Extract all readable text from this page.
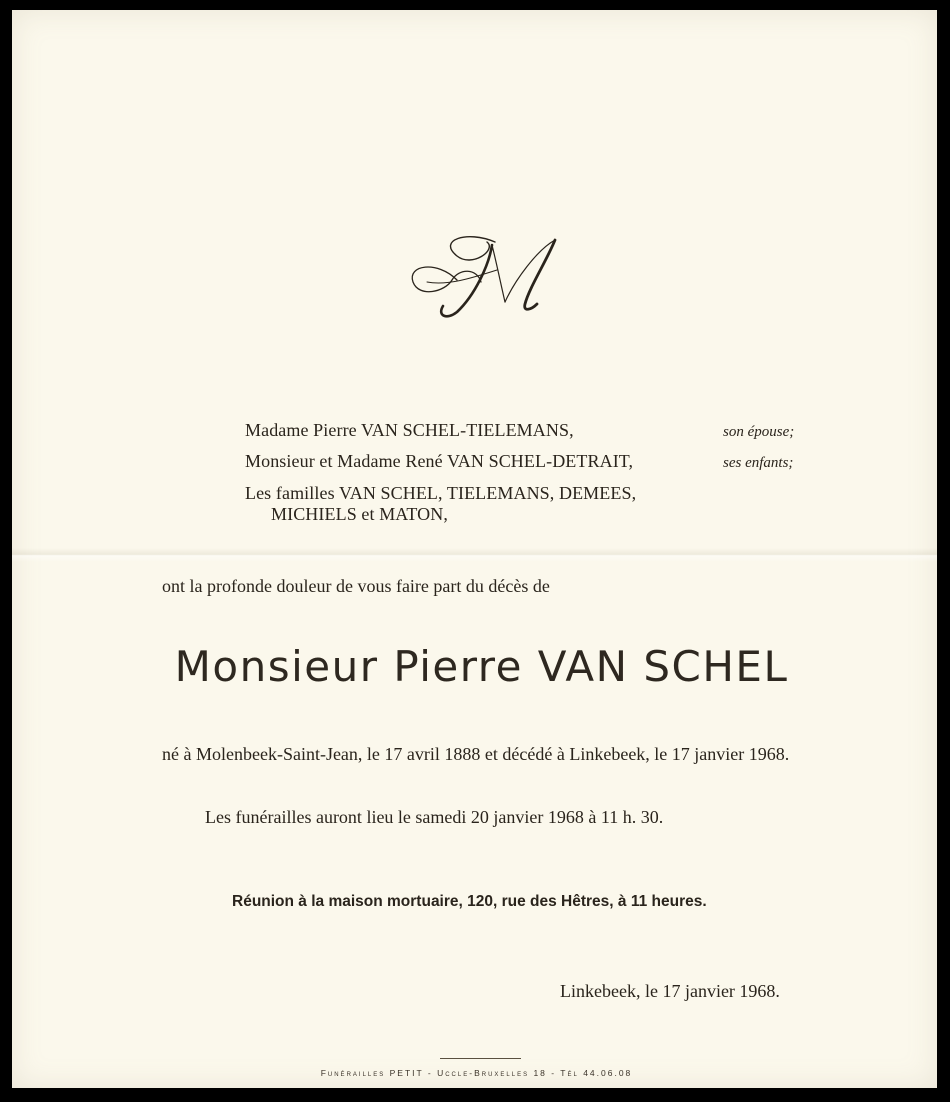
Madame Pierre VAN SCHEL-TIELEMANS,	son épouse;
Monsieur et Madame René VAN SCHEL-DETRAIT,	ses enfants;
Les familles VAN SCHEL, TIELEMANS, DEMEES,
MICHIELS et MATON,
ont la profonde douleur de vous faire part du décès de
Monsieur Pierre VAN SCHEL
né à Molenbeek-Saint-Jean, le 17 avril 1888 et décédé à Linkebeek, le 17 janvier 1968.
Les funérailles auront lieu le samedi 20 janvier 1968 à 11 h. 30.
Réunion à la maison mortuaire, 120, rue des Hêtres, à 11 heures.
Linkebeek, le 17 janvier 1968.
Funérailles PETIT - Uccle-Bruxelles 18 - Tél 44.06.08
